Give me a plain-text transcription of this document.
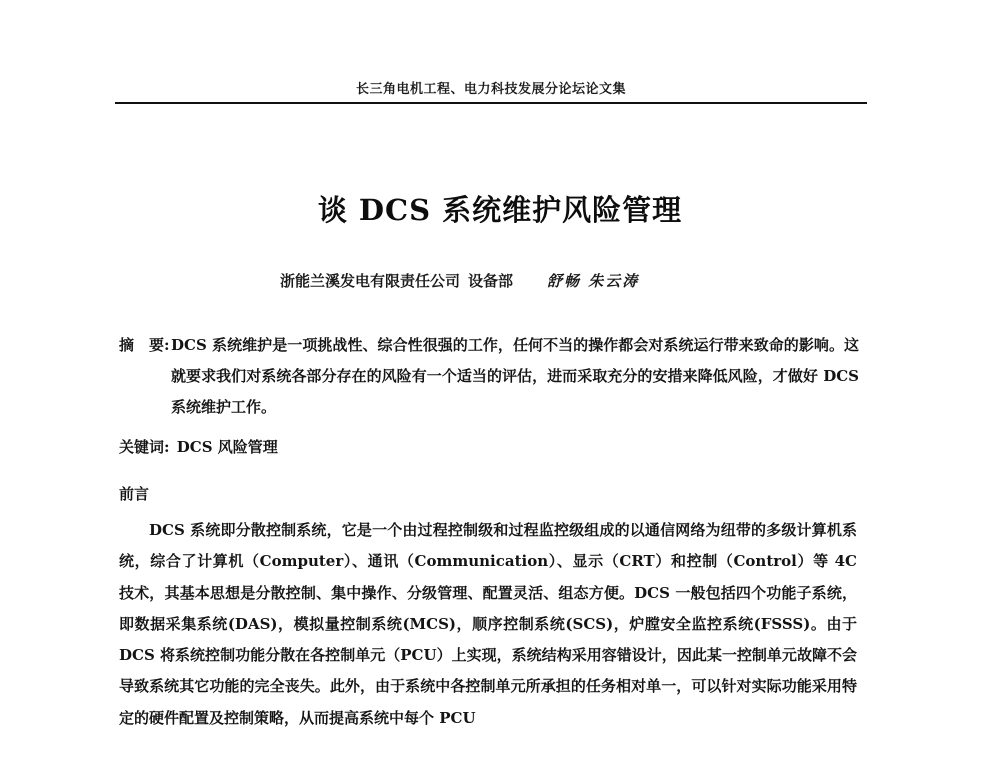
长三角电机工程、电力科技发展分论坛论文集
谈 DCS 系统维护风险管理
浙能兰溪发电有限责任公司 设备部 舒畅 朱云涛
摘　要: DCS 系统维护是一项挑战性、综合性很强的工作，任何不当的操作都会对系统运行带来致命的影响。这就要求我们对系统各部分存在的风险有一个适当的评估，进而采取充分的安措来降低风险，才做好 DCS 系统维护工作。

关键词: DCS 风险管理
前言

DCS 系统即分散控制系统，它是一个由过程控制级和过程监控级组成的以通信网络为纽带的多级计算机系统，综合了计算机（Computer）、通讯（Communication）、显示（CRT）和控制（Control）等 4C 技术，其基本思想是分散控制、集中操作、分级管理、配置灵活、组态方便。DCS 一般包括四个功能子系统，即数据采集系统(DAS)，模拟量控制系统(MCS)，顺序控制系统(SCS)，炉膛安全监控系统(FSSS)。由于 DCS 将系统控制功能分散在各控制单元（PCU）上实现，系统结构采用容错设计，因此某一控制单元故障不会导致系统其它功能的完全丧失。此外，由于系统中各控制单元所承担的任务相对单一，可以针对实际功能采用特定的硬件配置及控制策略，从而提高系统中每个 PCU
